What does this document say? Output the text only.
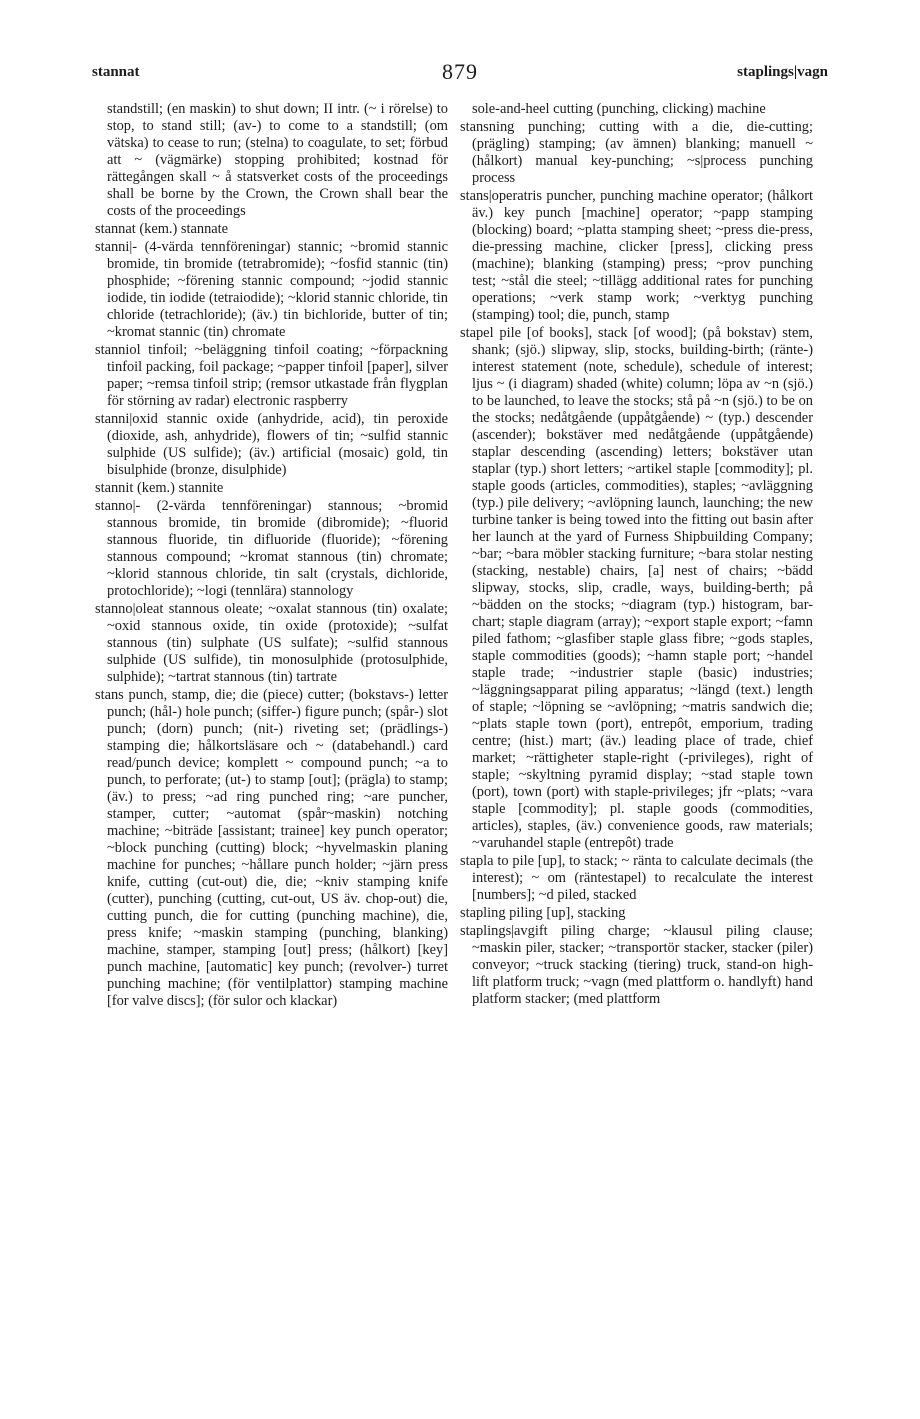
stannat	879	staplings|vagn

standstill; (en maskin) to shut down; II intr. (~ i rörelse) to stop, to stand still; (av-) to come to a standstill; (om vätska) to cease to run; (stelna) to coagulate, to set; förbud att ~ (vägmärke) stopping prohibited; kostnad för rättegången skall ~ å statsverket costs of the proceedings shall be borne by the Crown, the Crown shall bear the costs of the proceedings

stannat (kem.) stannate

stanni|- (4-värda tennföreningar) stannic; ~bromid stannic bromide, tin bromide (tetrabromide); ~fosfid stannic (tin) phosphide; ~förening stannic compound; ~jodid stannic iodide, tin iodide (tetraiodide); ~klorid stannic chloride, tin chloride (tetrachloride); (äv.) tin bichloride, butter of tin; ~kromat stannic (tin) chromate

stanniol tinfoil; ~beläggning tinfoil coating; ~förpackning tinfoil packing, foil package; ~papper tinfoil [paper], silver paper; ~remsa tinfoil strip; (remsor utkastade från flygplan för störning av radar) electronic raspberry

stanni|oxid stannic oxide (anhydride, acid), tin peroxide (dioxide, ash, anhydride), flowers of tin; ~sulfid stannic sulphide (US sulfide); (äv.) artificial (mosaic) gold, tin bisulphide (bronze, disulphide)

stannit (kem.) stannite

stanno|- (2-värda tennföreningar) stannous; ~bromid stannous bromide, tin bromide (dibromide); ~fluorid stannous fluoride, tin difluoride (fluoride); ~förening stannous compound; ~kromat stannous (tin) chromate; ~klorid stannous chloride, tin salt (crystals, dichloride, protochloride); ~logi (tennlära) stannology

stanno|oleat stannous oleate; ~oxalat stannous (tin) oxalate; ~oxid stannous oxide, tin oxide (protoxide); ~sulfat stannous (tin) sulphate (US sulfate); ~sulfid stannous sulphide (US sulfide), tin monosulphide (protosulphide, sulphide); ~tartrat stannous (tin) tartrate

stans punch, stamp, die; die (piece) cutter; (bokstavs-) letter punch; (hål-) hole punch; (siffer-) figure punch; (spår-) slot punch; (dorn) punch; (nit-) riveting set; (prädlings-) stamping die; hålkortsläsare och ~ (databehandl.) card read/punch device; komplett ~ compound punch; ~a to punch, to perforate; (ut-) to stamp [out]; (prägla) to stamp; (äv.) to press; ~ad ring punched ring; ~are puncher, stamper, cutter; ~automat (spår~maskin) notching machine; ~biträde [assistant; trainee] key punch operator; ~block punching (cutting) block; ~hyvelmaskin planing machine for punches; ~hållare punch holder; ~järn press knife, cutting (cut-out) die, die; ~kniv stamping knife (cutter), punching (cutting, cut-out, US äv. chop-out) die, cutting punch, die for cutting (punching machine), die, press knife; ~maskin stamping (punching, blanking) machine, stamper, stamping [out] press; (hålkort) [key] punch machine, [automatic] key punch; (revolver-) turret punching machine; (för ventilplattor) stamping machine [for valve discs]; (för sulor och klackar)

sole-and-heel cutting (punching, clicking) machine

stansning punching; cutting with a die, die-cutting; (prägling) stamping; (av ämnen) blanking; manuell ~ (hålkort) manual key-punching; ~s|process punching process

stans|operatris puncher, punching machine operator; (hålkort äv.) key punch [machine] operator; ~papp stamping (blocking) board; ~platta stamping sheet; ~press die-press, die-pressing machine, clicker [press], clicking press (machine); blanking (stamping) press; ~prov punching test; ~stål die steel; ~tillägg additional rates for punching operations; ~verk stamp work; ~verktyg punching (stamping) tool; die, punch, stamp

stapel pile [of books], stack [of wood]; (på bokstav) stem, shank; (sjö.) slipway, slip, stocks, building-birth; (ränte-) interest statement (note, schedule), schedule of interest; ljus ~ (i diagram) shaded (white) column; löpa av ~n (sjö.) to be launched, to leave the stocks; stå på ~n (sjö.) to be on the stocks; nedåtgående (uppåtgående) ~ (typ.) descender (ascender); bokstäver med nedåtgående (uppåtgående) staplar descending (ascending) letters; bokstäver utan staplar (typ.) short letters; ~artikel staple [commodity]; pl. staple goods (articles, commodities), staples; ~avläggning (typ.) pile delivery; ~avlöpning launch, launching; the new turbine tanker is being towed into the fitting out basin after her launch at the yard of Furness Shipbuilding Company; ~bar; ~bara möbler stacking furniture; ~bara stolar nesting (stacking, nestable) chairs, [a] nest of chairs; ~bädd slipway, stocks, slip, cradle, ways, building-berth; på ~bädden on the stocks; ~diagram (typ.) histogram, bar-chart; staple diagram (array); ~export staple export; ~famn piled fathom; ~glasfiber staple glass fibre; ~gods staples, staple commodities (goods); ~hamn staple port; ~handel staple trade; ~industrier staple (basic) industries; ~läggningsapparat piling apparatus; ~längd (text.) length of staple; ~löpning se ~avlöpning; ~matris sandwich die; ~plats staple town (port), entrepôt, emporium, trading centre; (hist.) mart; (äv.) leading place of trade, chief market; ~rättigheter staple-right (-privileges), right of staple; ~skyltning pyramid display; ~stad staple town (port), town (port) with staple-privileges; jfr ~plats; ~vara staple [commodity]; pl. staple goods (commodities, articles), staples, (äv.) convenience goods, raw materials; ~varuhandel staple (entrepôt) trade

stapla to pile [up], to stack; ~ ränta to calculate decimals (the interest); ~ om (räntestapel) to recalculate the interest [numbers]; ~d piled, stacked

stapling piling [up], stacking

staplings|avgift piling charge; ~klausul piling clause; ~maskin piler, stacker; ~transportör stacker, stacker (piler) conveyor; ~truck stacking (tiering) truck, stand-on high-lift platform truck; ~vagn (med plattform o. handlyft) hand platform stacker; (med plattform
